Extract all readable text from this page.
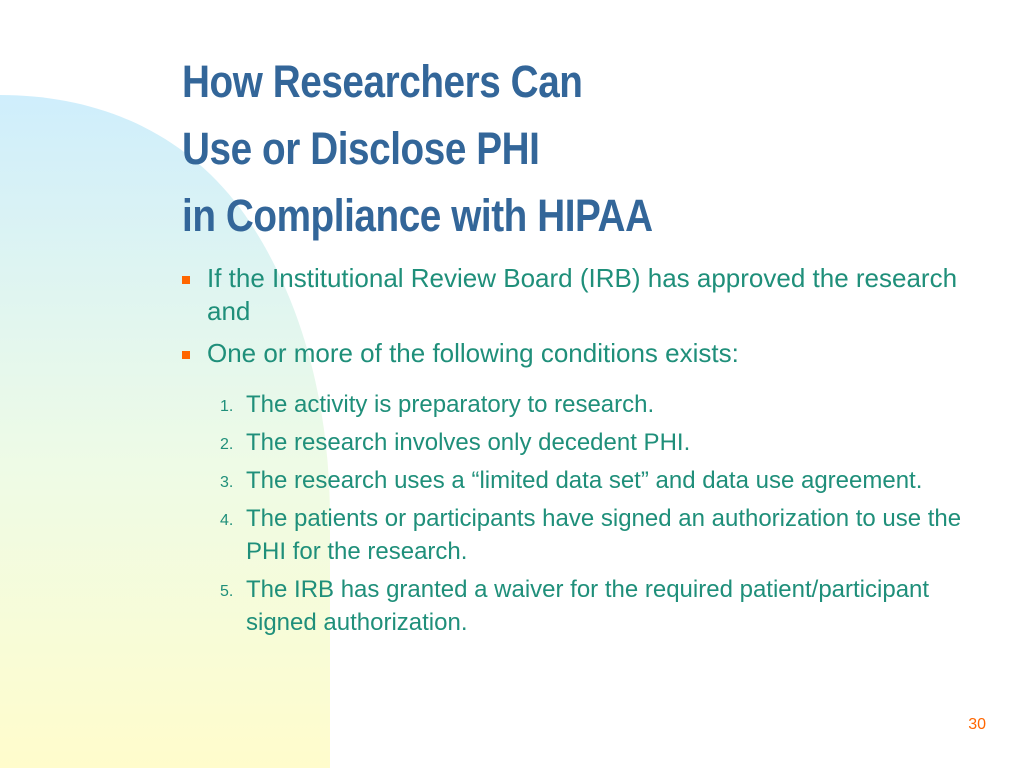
How Researchers Can
Use or Disclose PHI
in Compliance with HIPAA
If the Institutional Review Board (IRB) has approved the research and
One or more of the following conditions exists:
1. The activity is preparatory to research.
2. The research involves only decedent PHI.
3. The research uses a “limited data set” and data use agreement.
4. The patients or participants have signed an authorization to use the PHI for the research.
5. The IRB has granted a waiver for the required patient/participant signed authorization.
30
